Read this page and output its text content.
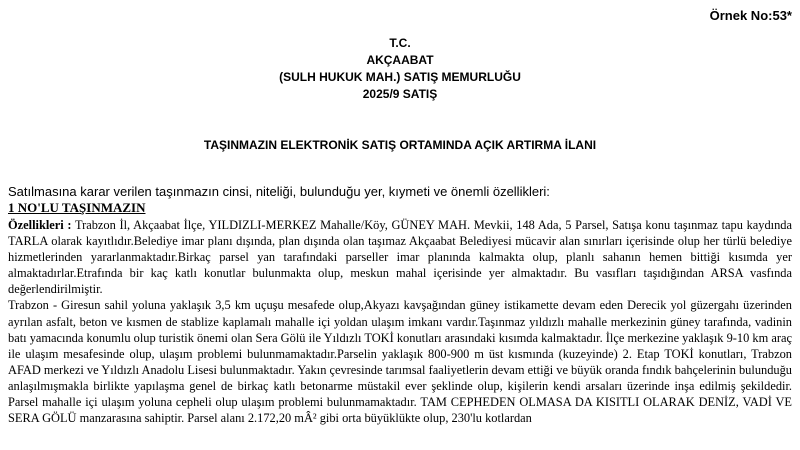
Örnek No:53*
T.C.
AKÇAABAT
(SULH HUKUK MAH.) SATIŞ MEMURLUĞU
2025/9 SATIŞ
TAŞINMAZIN ELEKTRONİK SATIŞ ORTAMINDA AÇIK ARTIRMA İLANI
Satılmasına karar verilen taşınmazın cinsi, niteliği, bulunduğu yer, kıymeti ve önemli özellikleri:
1 NO'LU TAŞINMAZIN

Özellikleri : Trabzon İl, Akçaabat İlçe, YILDIZLI-MERKEZ Mahalle/Köy, GÜNEY MAH. Mevkii, 148 Ada, 5 Parsel, Satışa konu taşınmaz tapu kaydında TARLA olarak kayıtlıdır.Belediye imar planı dışında, plan dışında olan taşımaz Akçaabat Belediyesi mücavir alan sınırları içerisinde olup her türlü belediye hizmetlerinden yararlanmaktadır.Birkaç parsel yan tarafındaki parseller imar planında kalmakta olup, planlı sahanın hemen bittiği kısımda yer almaktadırlar.Etrafında bir kaç katlı konutlar bulunmakta olup, meskun mahal içerisinde yer almaktadır. Bu vasıfları taşıdığından ARSA vasfında değerlendirilmiştir.

Trabzon - Giresun sahil yoluna yaklaşık 3,5 km uçuşu mesafede olup,Akyazı kavşağından güney istikamette devam eden Derecik yol güzergahı üzerinden ayrılan asfalt, beton ve kısmen de stablize kaplamalı mahalle içi yoldan ulaşım imkanı vardır.Taşınmaz yıldızlı mahalle merkezinin güney tarafında, vadinin batı yamacında konumlu olup turistik önemi olan Sera Gölü ile Yıldızlı TOKİ konutları arasındaki kısımda kalmaktadır. İlçe merkezine yaklaşık 9-10 km araç ile ulaşım mesafesinde olup, ulaşım problemi bulunmamaktadır.Parselin yaklaşık 800-900 m üst kısmında (kuzeyinde) 2. Etap TOKİ konutları, Trabzon AFAD merkezi ve Yıldızlı Anadolu Lisesi bulunmaktadır. Yakın çevresinde tarımsal faaliyetlerin devam ettiği ve büyük oranda fındık bahçelerinin bulunduğu anlaşılmışmakla birlikte yapılaşma genel de birkaç katlı betonarme müstakil ever şeklinde olup, kişilerin kendi arsaları üzerinde inşa edilmiş şekildedir. Parsel mahalle içi ulaşım yoluna cepheli olup ulaşım problemi bulunmamaktadır. TAM CEPHEDEN OLMASA DA KISITLI OLARAK DENİZ, VADİ VE SERA GÖLÜ manzarasına sahiptir. Parsel alanı 2.172,20 mÂ² gibi orta büyüklükte olup, 230'lu kotlardan
